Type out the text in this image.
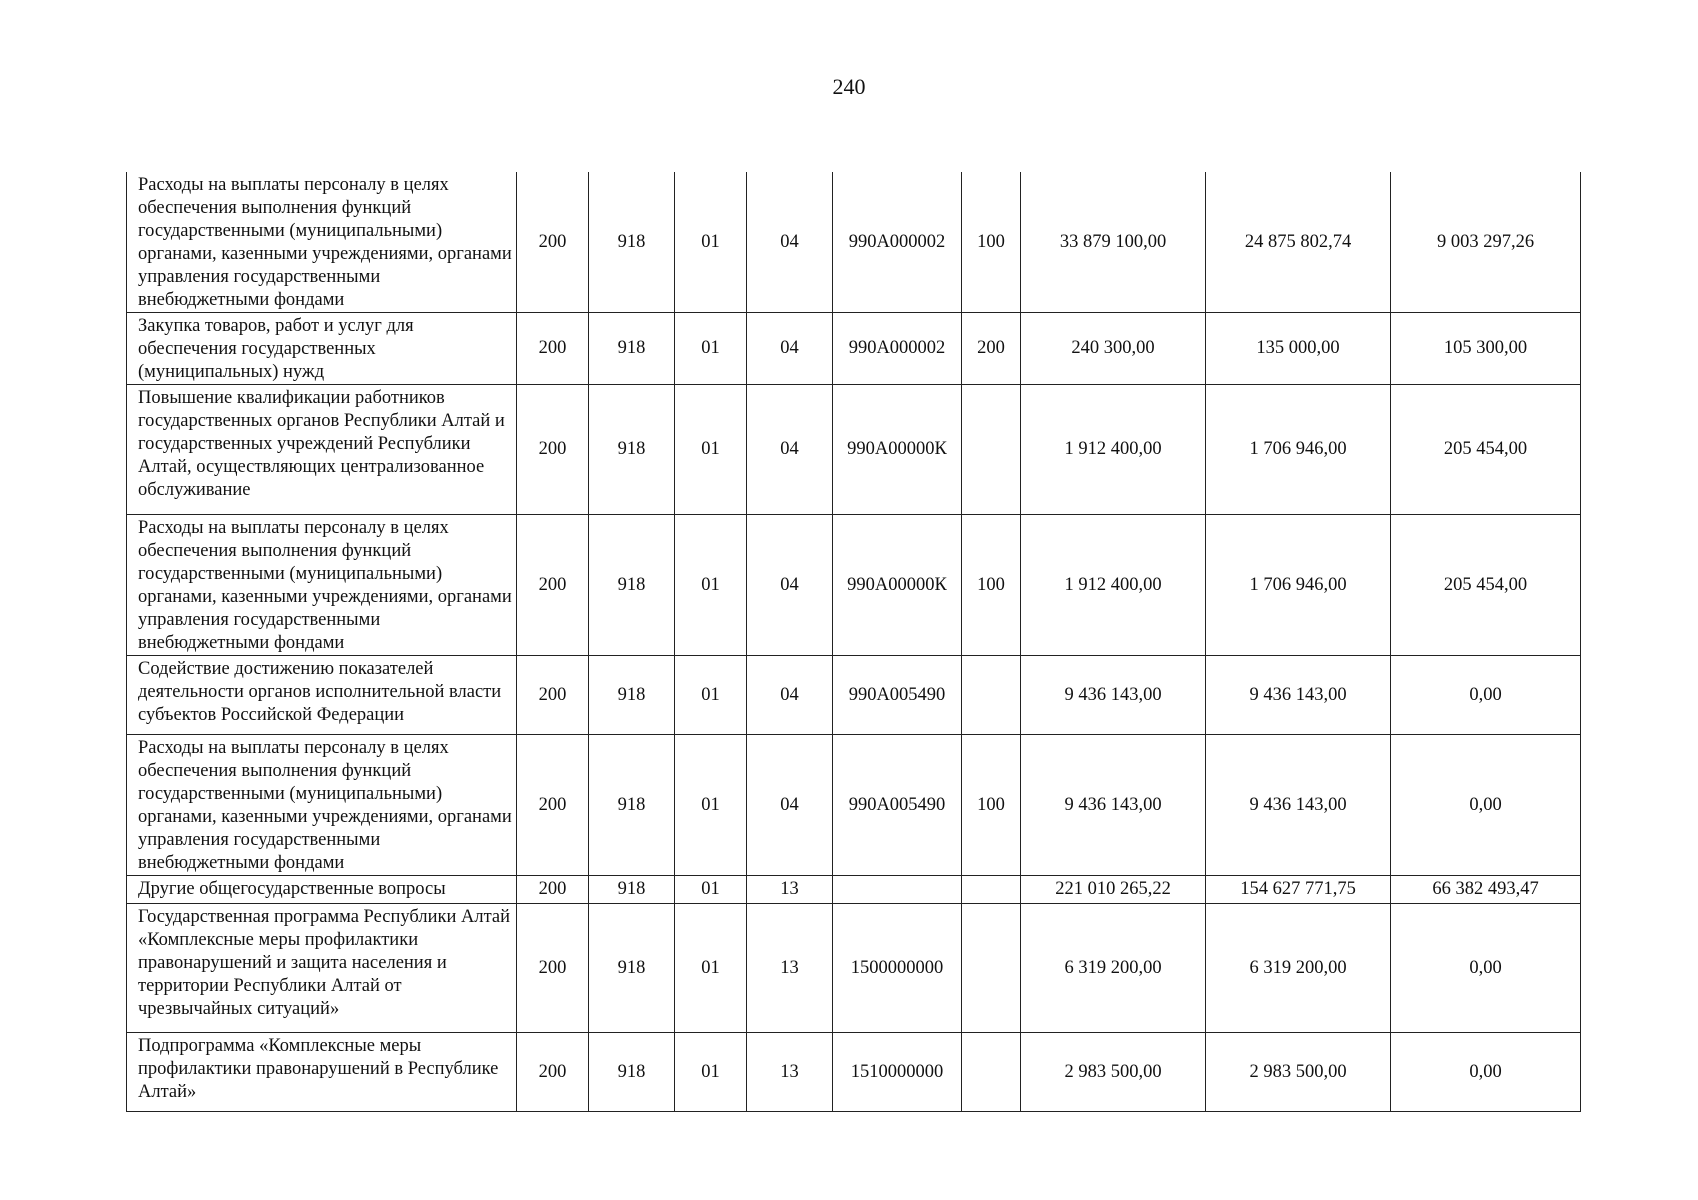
240
Расходы на выплаты персоналу в целях обеспечения выполнения функций государственными (муниципальными) органами, казенными учреждениями, органами управления государственными внебюджетными фондами	200	918	01	04	990А000002	100	33 879 100,00	24 875 802,74	9 003 297,26
Закупка товаров, работ и услуг для обеспечения государственных (муниципальных) нужд	200	918	01	04	990А000002	200	240 300,00	135 000,00	105 300,00
Повышение квалификации работников государственных органов Республики Алтай и государственных учреждений Республики Алтай, осуществляющих централизованное обслуживание	200	918	01	04	990А00000К		1 912 400,00	1 706 946,00	205 454,00
Расходы на выплаты персоналу в целях обеспечения выполнения функций государственными (муниципальными) органами, казенными учреждениями, органами управления государственными внебюджетными фондами	200	918	01	04	990А00000К	100	1 912 400,00	1 706 946,00	205 454,00
Содействие достижению показателей деятельности органов исполнительной власти субъектов Российской Федерации	200	918	01	04	990А005490		9 436 143,00	9 436 143,00	0,00
Расходы на выплаты персоналу в целях обеспечения выполнения функций государственными (муниципальными) органами, казенными учреждениями, органами управления государственными внебюджетными фондами	200	918	01	04	990А005490	100	9 436 143,00	9 436 143,00	0,00
Другие общегосударственные вопросы	200	918	01	13			221 010 265,22	154 627 771,75	66 382 493,47
Государственная программа Республики Алтай «Комплексные меры профилактики правонарушений и защита населения и территории Республики Алтай от чрезвычайных ситуаций»	200	918	01	13	1500000000		6 319 200,00	6 319 200,00	0,00
Подпрограмма «Комплексные меры профилактики правонарушений в Республике Алтай»	200	918	01	13	1510000000		2 983 500,00	2 983 500,00	0,00
